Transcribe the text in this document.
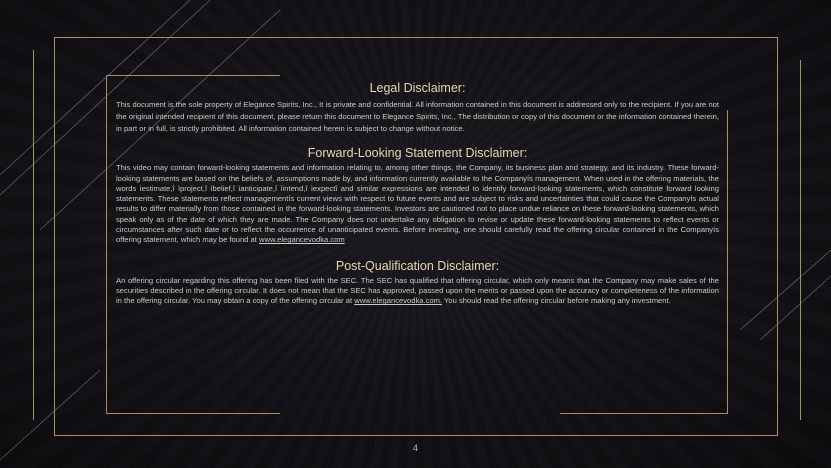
Legal Disclaimer:

This document is the sole property of Elegance Spirits, Inc., It is private and confidential. All information contained in this document is addressed only to the recipient. If you are not the original intended recipient of this document, please return this document to Elegance Spirits, Inc., The distribution or copy of this document or the information contained therein, in part or in full, is strictly prohibited. All information contained herein is subject to change without notice.

Forward-Looking Statement Disclaimer:

This video may contain forward-looking statements and information relating to, among other things, the Company, its business plan and strategy, and its industry. These forward-looking statements are based on the beliefs of, assumptions made by, and information currently available to the Companyís management. When used in the offering materials, the words ìestimate,î ìproject,î ìbelief,î ìanticipate,î ìintend,î ìexpectî and similar expressions are intended to identify forward-looking statements, which constitute forward looking statements. These statements reflect managementís current views with respect to future events and are subject to risks and uncertainties that could cause the Companyís actual results to differ materially from those contained in the forward-looking statements. Investors are cautioned not to place undue reliance on these forward-looking statements, which speak only as of the date of which they are made. The Company does not undertake any obligation to revise or update these forward-looking statements to reflect events or circumstances after such date or to reflect the occurrence of unanticipated events. Before investing, one should carefully read the offering circular contained in the Companyís offering statement, which may be found at www.elegancevodka.com

Post-Qualification Disclaimer:

An offering circular regarding this offering has been filed with the SEC. The SEC has qualified that offering circular, which only means that the Company may make sales of the securities described in the offering circular. It does not mean that the SEC has approved, passed upon the merits or passed upon the accuracy or completeness of the information in the offering circular. You may obtain a copy of the offering circular at www.elegancevodka.com. You should read the offering circular before making any investment.

4
